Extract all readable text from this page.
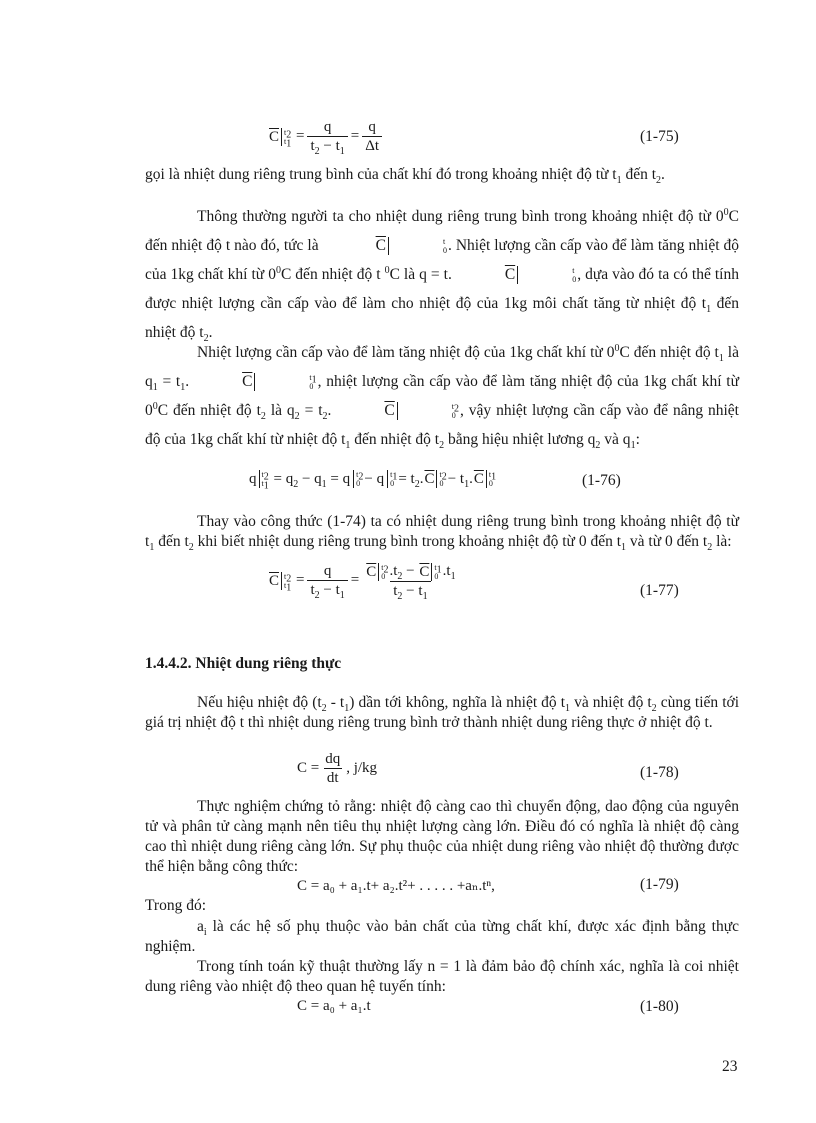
$\overline{C}$ $t_2$
$t_1 = \frac{q}{t_2 - t_1} = \frac{q}{\Delta t}$	(1-75)
gọi là nhiệt dung riêng trung bình của chất khí đó trong khoảng nhiệt độ từ $t_1$ đến $t_2$.
Thông thường người ta cho nhiệt dung riêng trung bình trong khoảng nhiệt độ từ $0^0C$ đến nhiệt độ t nào đó, tức là	$\overline{C}$	t
0 . Nhiệt lượng cần cấp vào để làm tăng nhiệt độ của 1kg chất khí từ $0^0C$ đến nhiệt độ t $^0$C là q = t.	$\overline{C}$	t
0 , dựa vào đó ta có thể tính được nhiệt lượng cần cấp vào để làm cho nhiệt độ của 1kg môi chất tăng từ nhiệt độ $t_1$ đến nhiệt độ $t_2$.
Nhiệt lượng cần cấp vào để làm tăng nhiệt độ của 1kg chất khí từ $0^0C$ đến nhiệt độ $t_1$ là $q_1 = t_1$.	$\overline{C}$	$t_1$
0 , nhiệt lượng cần cấp vào để làm tăng nhiệt độ của 1kg chất khí từ $0^0C$ đến nhiệt độ $t_2$ là $q_2 = t_2$.	$\overline{C}$	$t_2$
0 , vậy nhiệt lượng cần cấp vào để nâng nhiệt độ của 1kg chất khí từ nhiệt độ $t_1$ đến nhiệt độ $t_2$ bằng hiệu nhiệt lương $q_2$ và $q_1$:
q $t_2$
$t_1 = q_2 - q_1 = q$ $t_2$
0 − q $t_1$
$0 = t_2$. $\overline{C}$ $t_2$
$0 - t_1$. $\overline{C}$ $t_1$
0	(1-76)
Thay vào công thức (1-74) ta có nhiệt dung riêng trung bình trong khoảng nhiệt độ từ $t_1$ đến $t_2$ khi biết nhiệt dung riêng trung bình trong khoảng nhiệt độ từ 0 đến $t_1$ và từ 0 đến $t_2$ là:
$\overline{C}$ $t_2$
$t_1 = \frac{q}{t_2 - t_1} = \overline{C}$ $t_2$
0 $.t_2 - \overline{C}$ $t_1$
0 $.t_1$
$t_2 - t_1$	(1-77)
1.4.4.2. Nhiệt dung riêng thực
Nếu hiệu nhiệt độ $(t_2 - t_1)$ dần tới không, nghĩa là nhiệt độ $t_1$ và nhiệt độ $t_2$ cùng tiến tới giá trị nhiệt độ t thì nhiệt dung riêng trung bình trở thành nhiệt dung riêng thực ở nhiệt độ t.
$C = \frac{dq}{dt}$ , j/kg	(1-78)
Thực nghiệm chứng tỏ rằng: nhiệt độ càng cao thì chuyển động, dao động của nguyên tử và phân tử càng mạnh nên tiêu thụ nhiệt lượng càng lớn. Điều đó có nghĩa là nhiệt độ càng cao thì nhiệt dung riêng càng lớn. Sự phụ thuộc của nhiệt dung riêng vào nhiệt độ thường được thể hiện bằng công thức:
C = a₀ + a₁.t+ a₂.t²+ . . . . . +aₙ.tⁿ,	(1-79)
Trong đó:
$a_i$ là các hệ số phụ thuộc vào bản chất của từng chất khí, được xác định bằng thực nghiệm.
Trong tính toán kỹ thuật thường lấy n = 1 là đảm bảo độ chính xác, nghĩa là coi nhiệt dung riêng vào nhiệt độ theo quan hệ tuyến tính:
C = a₀ + a₁.t	(1-80)
23
